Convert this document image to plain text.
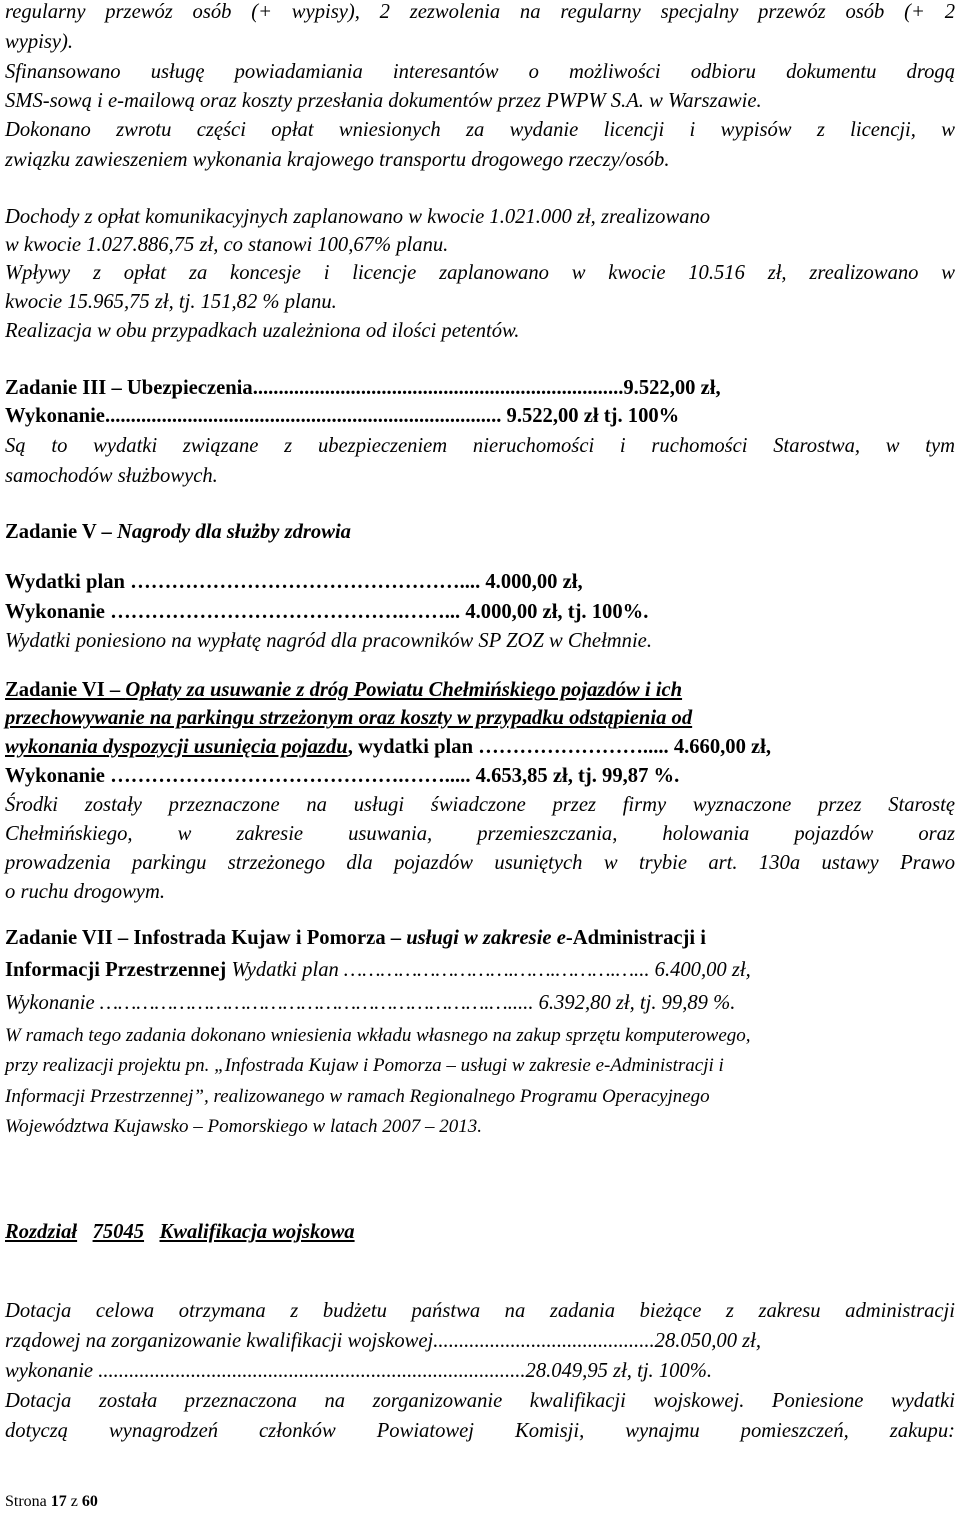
regularny przewóz osób (+ wypisy), 2 zezwolenia na regularny specjalny przewóz osób (+ 2

wypisy).

Sfinansowano usługę powiadamiania interesantów o możliwości odbioru dokumentu drogą

SMS-sową i e-mailową oraz koszty przesłania dokumentów przez PWPW S.A. w Warszawie.

Dokonano zwrotu części opłat wniesionych za wydanie licencji i wypisów z licencji, w

związku zawieszeniem wykonania krajowego transportu drogowego rzeczy/osób.

Dochody z opłat komunikacyjnych zaplanowano w kwocie 1.021.000 zł, zrealizowano

w kwocie 1.027.886,75 zł, co stanowi 100,67% planu.

Wpływy z opłat za koncesje i licencje zaplanowano w kwocie 10.516 zł, zrealizowano w

kwocie 15.965,75 zł, tj. 151,82 % planu.

Realizacja w obu przypadkach uzależniona od ilości petentów.

Zadanie III – Ubezpieczenia........................................................................9.522,00 zł,

Wykonanie............................................................................. 9.522,00 zł tj. 100%

Są to wydatki związane z ubezpieczeniem nieruchomości i ruchomości Starostwa, w tym

samochodów służbowych.

Zadanie V – Nagrody dla służby zdrowia

Wydatki plan ………………………………………….... 4.000,00 zł,

Wykonanie …………………………………….……... 4.000,00 zł, tj. 100%.

Wydatki poniesiono na wypłatę nagród dla pracowników SP ZOZ w Chełmnie.

Zadanie VI – Opłaty za usuwanie z dróg Powiatu Chełmińskiego pojazdów i ich

przechowywanie na parkingu strzeżonym oraz koszty w przypadku odstąpienia od

wykonania dyspozycji usunięcia pojazdu, wydatki plan ……………………..... 4.660,00 zł,

Wykonanie …………………………………….……..... 4.653,85 zł, tj. 99,87 %.

Środki zostały przeznaczone na usługi świadczone przez firmy wyznaczone przez Starostę

Chełmińskiego, w zakresie usuwania, przemieszczania, holowania pojazdów oraz

prowadzenia parkingu strzeżonego dla pojazdów usuniętych w trybie art. 130a ustawy Prawo

o ruchu drogowym.

Zadanie VII – Infostrada Kujaw i Pomorza – usługi w zakresie e-Administracji i

Informacji Przestrzennej Wydatki plan ……………………….…….……….…... 6.400,00 zł,

Wykonanie ……………………………………………………….…..... 6.392,80 zł, tj. 99,89 %.

W ramach tego zadania dokonano wniesienia wkładu własnego na zakup sprzętu komputerowego,

przy realizacji projektu pn. „Infostrada Kujaw i Pomorza – usługi w zakresie e-Administracji i

Informacji Przestrzennej”, realizowanego w ramach Regionalnego Programu Operacyjnego

Województwa Kujawsko – Pomorskiego w latach 2007 – 2013.

Rozdział 75045 Kwalifikacja wojskowa

Dotacja celowa otrzymana z budżetu państwa na zadania bieżące z zakresu administracji

rządowej na zorganizowanie kwalifikacji wojskowej...........................................28.050,00 zł,

wykonanie ...................................................................................28.049,95 zł, tj. 100%.

Dotacja została przeznaczona na zorganizowanie kwalifikacji wojskowej. Poniesione wydatki

dotyczą wynagrodzeń członków Powiatowej Komisji, wynajmu pomieszczeń, zakupu:

Strona 17 z 60
